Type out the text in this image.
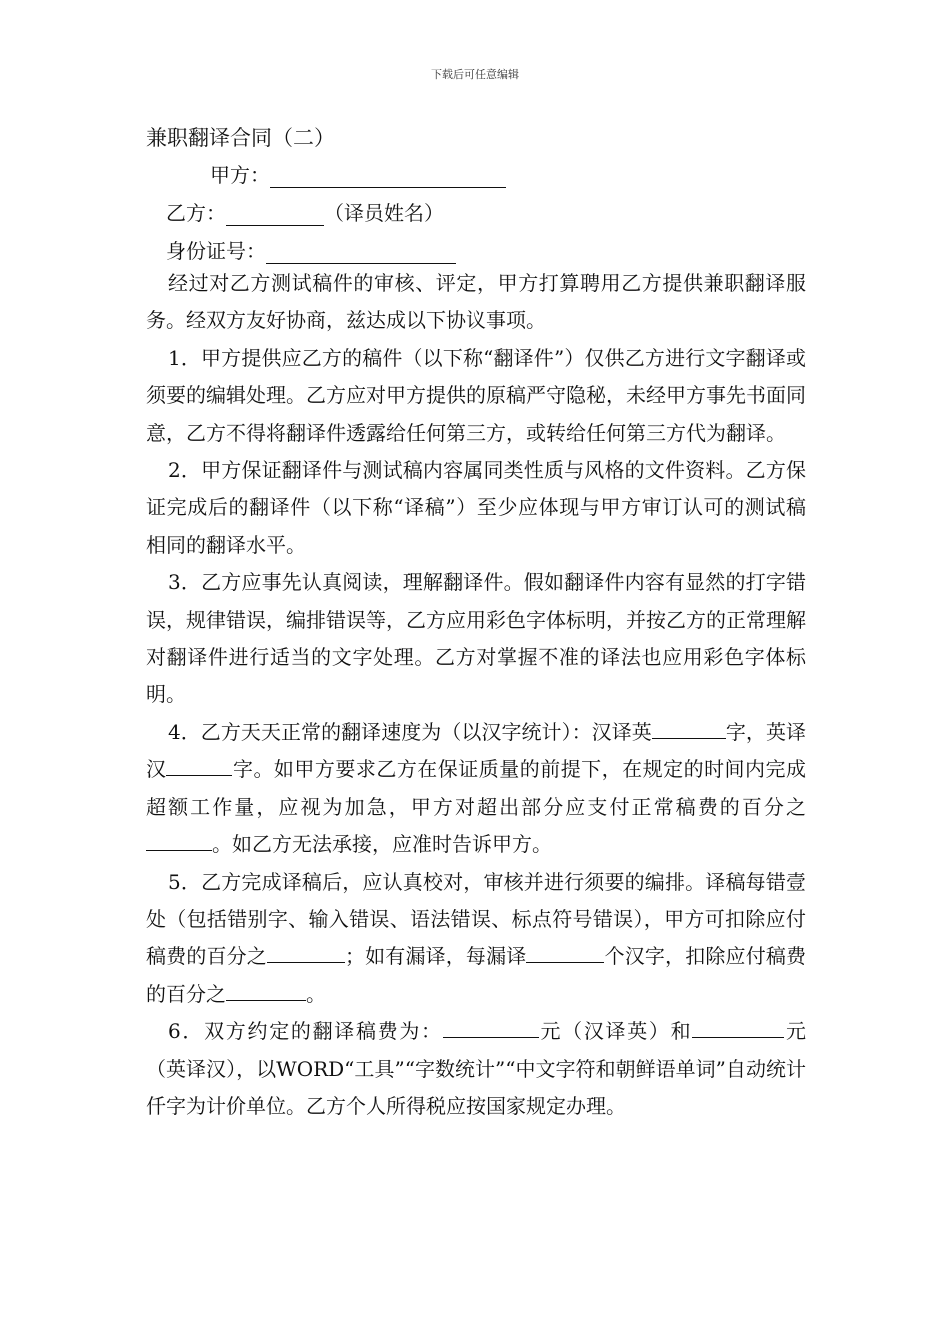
下载后可任意编辑
兼职翻译合同（二）
甲方：
乙方：	（译员姓名）
身份证号：

经过对乙方测试稿件的审核、评定，甲方打算聘用乙方提供兼职翻译服务。经双方友好协商，兹达成以下协议事项。

1．甲方提供应乙方的稿件（以下称“翻译件”）仅供乙方进行文字翻译或须要的编辑处理。乙方应对甲方提供的原稿严守隐秘，未经甲方事先书面同意，乙方不得将翻译件透露给任何第三方，或转给任何第三方代为翻译。

2．甲方保证翻译件与测试稿内容属同类性质与风格的文件资料。乙方保证完成后的翻译件（以下称“译稿”）至少应体现与甲方审订认可的测试稿相同的翻译水平。

3．乙方应事先认真阅读，理解翻译件。假如翻译件内容有显然的打字错误，规律错误，编排错误等，乙方应用彩色字体标明，并按乙方的正常理解对翻译件进行适当的文字处理。乙方对掌握不准的译法也应用彩色字体标明。

4．乙方天天正常的翻译速度为（以汉字统计）：汉译英	字，英译汉	字。如甲方要求乙方在保证质量的前提下，在规定的时间内完成超额工作量，应视为加急，甲方对超出部分应支付正常稿费的百分之。如乙方无法承接，应准时告诉甲方。

5．乙方完成译稿后，应认真校对，审核并进行须要的编排。译稿每错壹处（包括错别字、输入错误、语法错误、标点符号错误），甲方可扣除应付稿费的百分之	；如有漏译，每漏译	个汉字，扣除应付稿费的百分之	。

6．双方约定的翻译稿费为：	元（汉译英）和	元（英译汉），以WORD“工具”“字数统计”“中文字符和朝鲜语单词”自动统计仟字为计价单位。乙方个人所得税应按国家规定办理。
